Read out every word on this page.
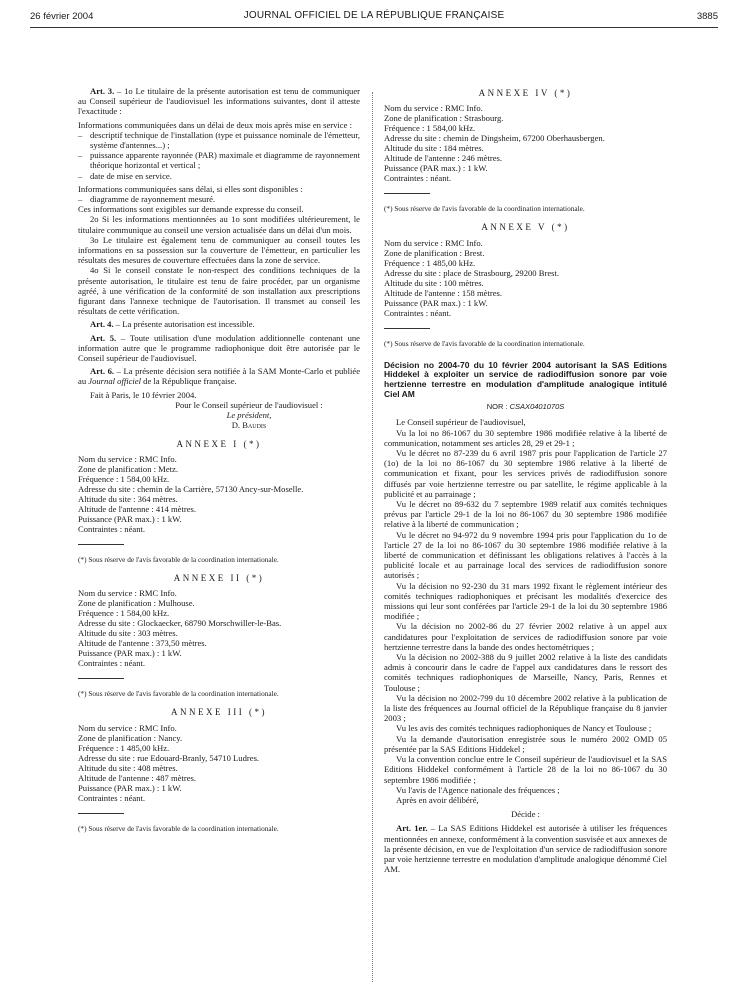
26 février 2004	JOURNAL OFFICIEL DE LA RÉPUBLIQUE FRANÇAISE	3885

Art. 3. – 1o Le titulaire de la présente autorisation est tenu de communiquer au Conseil supérieur de l'audiovisuel les informations suivantes, dont il atteste l'exactitude :

Informations communiquées dans un délai de deux mois après mise en service :

– descriptif technique de l'installation (type et puissance nominale de l'émetteur, système d'antennes...) ;
– puissance apparente rayonnée (PAR) maximale et diagramme de rayonnement théorique horizontal et vertical ;
– date de mise en service.

Informations communiquées sans délai, si elles sont disponibles :

– diagramme de rayonnement mesuré.

Ces informations sont exigibles sur demande expresse du conseil.

2o Si les informations mentionnées au 1o sont modifiées ultérieurement, le titulaire communique au conseil une version actualisée dans un délai d'un mois.

3o Le titulaire est également tenu de communiquer au conseil toutes les informations en sa possession sur la couverture de l'émetteur, en particulier les résultats des mesures de couverture effectuées dans la zone de service.

4o Si le conseil constate le non-respect des conditions techniques de la présente autorisation, le titulaire est tenu de faire procéder, par un organisme agréé, à une vérification de la conformité de son installation aux prescriptions figurant dans l'annexe technique de l'autorisation. Il transmet au conseil les résultats de cette vérification.

Art. 4. – La présente autorisation est incessible.

Art. 5. – Toute utilisation d'une modulation additionnelle contenant une information autre que le programme radiophonique doit être autorisée par le Conseil supérieur de l'audiovisuel.

Art. 6. – La présente décision sera notifiée à la SAM Monte-Carlo et publiée au Journal officiel de la République française.

Fait à Paris, le 10 février 2004.

Pour le Conseil supérieur de l'audiovisuel :

Le président,

D. Baudis

ANNEXE I (*)

Nom du service : RMC Info.

Zone de planification : Metz.

Fréquence : 1 584,00 kHz.

Adresse du site : chemin de la Carrière, 57130 Ancy-sur-Moselle.

Altitude du site : 364 mètres.

Altitude de l'antenne : 414 mètres.

Puissance (PAR max.) : 1 kW.

Contraintes : néant.

(*) Sous réserve de l'avis favorable de la coordination internationale.

ANNEXE II (*)

Nom du service : RMC Info.

Zone de planification : Mulhouse.

Fréquence : 1 584,00 kHz.

Adresse du site : Glockaecker, 68790 Morschwiller-le-Bas.

Altitude du site : 303 mètres.

Altitude de l'antenne : 373,50 mètres.

Puissance (PAR max.) : 1 kW.

Contraintes : néant.

(*) Sous réserve de l'avis favorable de la coordination internationale.

ANNEXE III (*)

Nom du service : RMC Info.

Zone de planification : Nancy.

Fréquence : 1 485,00 kHz.

Adresse du site : rue Edouard-Branly, 54710 Ludres.

Altitude du site : 408 mètres.

Altitude de l'antenne : 487 mètres.

Puissance (PAR max.) : 1 kW.

Contraintes : néant.

(*) Sous réserve de l'avis favorable de la coordination internationale.

ANNEXE IV (*)

Nom du service : RMC Info.

Zone de planification : Strasbourg.

Fréquence : 1 584,00 kHz.

Adresse du site : chemin de Dingsheim, 67200 Oberhausbergen.

Altitude du site : 184 mètres.

Altitude de l'antenne : 246 mètres.

Puissance (PAR max.) : 1 kW.

Contraintes : néant.

(*) Sous réserve de l'avis favorable de la coordination internationale.

ANNEXE V (*)

Nom du service : RMC Info.

Zone de planification : Brest.

Fréquence : 1 485,00 kHz.

Adresse du site : place de Strasbourg, 29200 Brest.

Altitude du site : 100 mètres.

Altitude de l'antenne : 158 mètres.

Puissance (PAR max.) : 1 kW.

Contraintes : néant.

(*) Sous réserve de l'avis favorable de la coordination internationale.

Décision no 2004-70 du 10 février 2004 autorisant la SAS Editions Hiddekel à exploiter un service de radiodiffusion sonore par voie hertzienne terrestre en modulation d'amplitude analogique intitulé Ciel AM

NOR : CSAX0401070S

Le Conseil supérieur de l'audiovisuel,

Vu la loi no 86-1067 du 30 septembre 1986 modifiée relative à la liberté de communication, notamment ses articles 28, 29 et 29-1 ;

Vu le décret no 87-239 du 6 avril 1987 pris pour l'application de l'article 27 (1o) de la loi no 86-1067 du 30 septembre 1986 relative à la liberté de communication et fixant, pour les services privés de radiodiffusion sonore diffusés par voie hertzienne terrestre ou par satellite, le régime applicable à la publicité et au parrainage ;

Vu le décret no 89-632 du 7 septembre 1989 relatif aux comités techniques prévus par l'article 29-1 de la loi no 86-1067 du 30 septembre 1986 modifiée relative à la liberté de communication ;

Vu le décret no 94-972 du 9 novembre 1994 pris pour l'application du 1o de l'article 27 de la loi no 86-1067 du 30 septembre 1986 modifiée relative à la liberté de communication et définissant les obligations relatives à l'accès à la publicité locale et au parrainage local des services de radiodiffusion sonore autorisés ;

Vu la décision no 92-230 du 31 mars 1992 fixant le règlement intérieur des comités techniques radiophoniques et précisant les modalités d'exercice des missions qui leur sont conférées par l'article 29-1 de la loi du 30 septembre 1986 modifiée ;

Vu la décision no 2002-86 du 27 février 2002 relative à un appel aux candidatures pour l'exploitation de services de radiodiffusion sonore par voie hertzienne terrestre dans la bande des ondes hectométriques ;

Vu la décision no 2002-388 du 9 juillet 2002 relative à la liste des candidats admis à concourir dans le cadre de l'appel aux candidatures dans le ressort des comités techniques radiophoniques de Marseille, Nancy, Paris, Rennes et Toulouse ;

Vu la décision no 2002-799 du 10 décembre 2002 relative à la publication de la liste des fréquences au Journal officiel de la République française du 8 janvier 2003 ;

Vu les avis des comités techniques radiophoniques de Nancy et Toulouse ;

Vu la demande d'autorisation enregistrée sous le numéro 2002 OMD 05 présentée par la SAS Editions Hiddekel ;

Vu la convention conclue entre le Conseil supérieur de l'audiovisuel et la SAS Editions Hiddekel conformément à l'article 28 de la loi no 86-1067 du 30 septembre 1986 modifiée ;

Vu l'avis de l'Agence nationale des fréquences ;

Après en avoir délibéré,

Décide :

Art. 1er. – La SAS Editions Hiddekel est autorisée à utiliser les fréquences mentionnées en annexe, conformément à la convention susvisée et aux annexes de la présente décision, en vue de l'exploitation d'un service de radiodiffusion sonore par voie hertzienne terrestre en modulation d'amplitude analogique dénommé Ciel AM.
